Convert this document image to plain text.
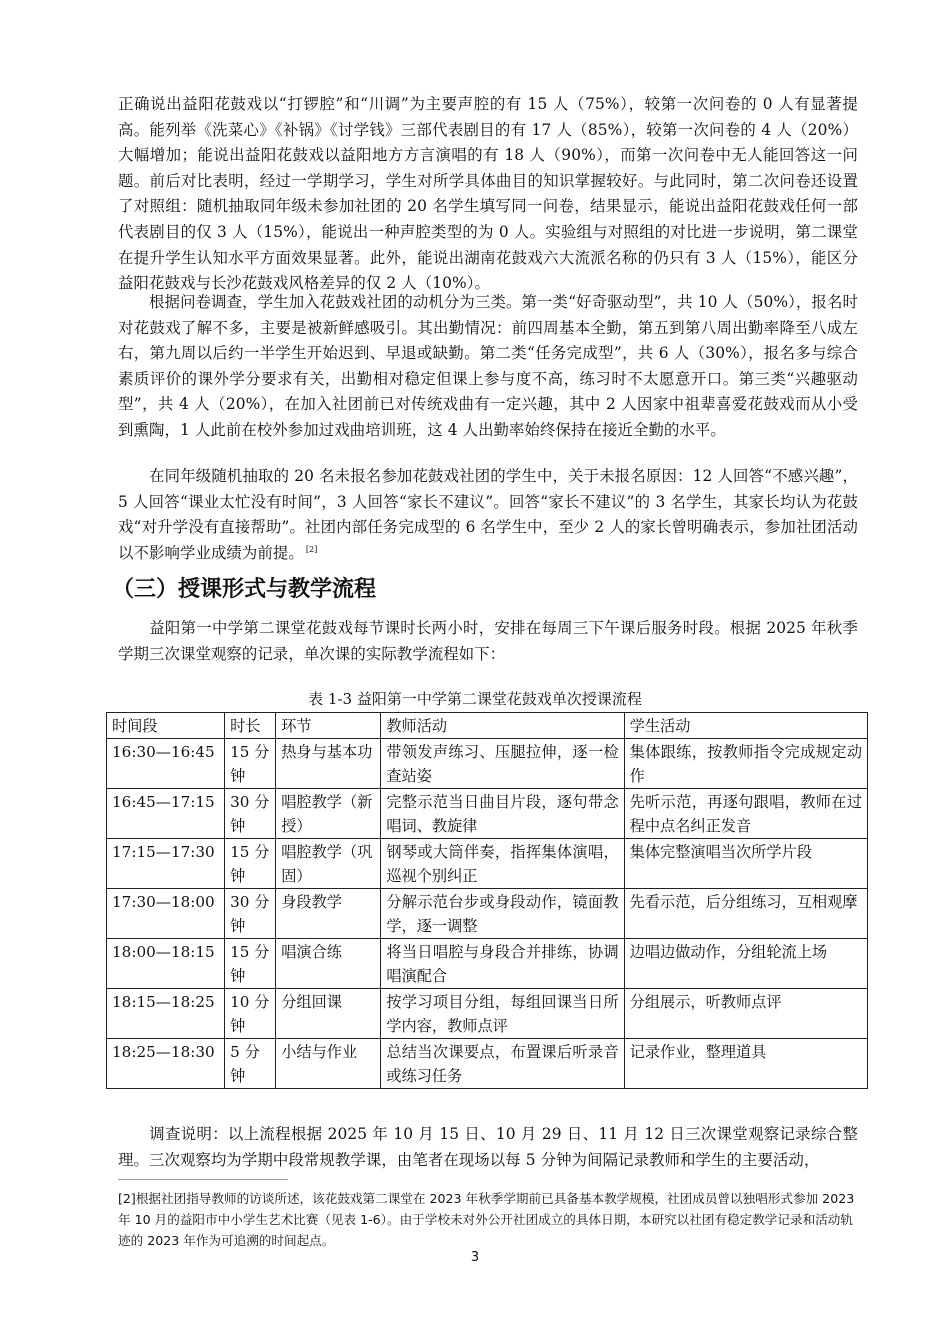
正确说出益阳花鼓戏以“打锣腔”和“川调”为主要声腔的有 15 人（75%），较第一次问卷的 0 人有显著提高。能列举《洗菜心》《补锅》《讨学钱》三部代表剧目的有 17 人（85%），较第一次问卷的 4 人（20%）大幅增加；能说出益阳花鼓戏以益阳地方方言演唱的有 18 人（90%），而第一次问卷中无人能回答这一问题。前后对比表明，经过一学期学习，学生对所学具体曲目的知识掌握较好。与此同时，第二次问卷还设置了对照组：随机抽取同年级未参加社团的 20 名学生填写同一问卷，结果显示，能说出益阳花鼓戏任何一部代表剧目的仅 3 人（15%），能说出一种声腔类型的为 0 人。实验组与对照组的对比进一步说明，第二课堂在提升学生认知水平方面效果显著。此外，能说出湖南花鼓戏六大流派名称的仍只有 3 人（15%），能区分益阳花鼓戏与长沙花鼓戏风格差异的仅 2 人（10%）。

根据问卷调查，学生加入花鼓戏社团的动机分为三类。第一类“好奇驱动型”，共 10 人（50%），报名时对花鼓戏了解不多，主要是被新鲜感吸引。其出勤情况：前四周基本全勤，第五到第八周出勤率降至八成左右，第九周以后约一半学生开始迟到、早退或缺勤。第二类“任务完成型”，共 6 人（30%），报名多与综合素质评价的课外学分要求有关，出勤相对稳定但课上参与度不高，练习时不太愿意开口。第三类“兴趣驱动型”，共 4 人（20%），在加入社团前已对传统戏曲有一定兴趣，其中 2 人因家中祖辈喜爱花鼓戏而从小受到熏陶，1 人此前在校外参加过戏曲培训班，这 4 人出勤率始终保持在接近全勤的水平。

在同年级随机抽取的 20 名未报名参加花鼓戏社团的学生中，关于未报名原因：12 人回答“不感兴趣”，5 人回答“课业太忙没有时间”，3 人回答“家长不建议”。回答“家长不建议”的 3 名学生，其家长均认为花鼓戏“对升学没有直接帮助”。社团内部任务完成型的 6 名学生中，至少 2 人的家长曾明确表示，参加社团活动以不影响学业成绩为前提。 [2]

（三）授课形式与教学流程

益阳第一中学第二课堂花鼓戏每节课时长两小时，安排在每周三下午课后服务时段。根据 2025 年秋季学期三次课堂观察的记录，单次课的实际教学流程如下：

表 1-3 益阳第一中学第二课堂花鼓戏单次授课流程

时间段	时长	环节	教师活动	学生活动
16:30—16:45	15 分钟	热身与基本功	带领发声练习、压腿拉伸，逐一检查站姿	集体跟练，按教师指令完成规定动作
16:45—17:15	30 分钟	唱腔教学（新授）	完整示范当日曲目片段，逐句带念唱词、教旋律	先听示范，再逐句跟唱，教师在过程中点名纠正发音
17:15—17:30	15 分钟	唱腔教学（巩固）	钢琴或大筒伴奏，指挥集体演唱，巡视个别纠正	集体完整演唱当次所学片段
17:30—18:00	30 分钟	身段教学	分解示范台步或身段动作，镜面教学，逐一调整	先看示范，后分组练习，互相观摩
18:00—18:15	15 分钟	唱演合练	将当日唱腔与身段合并排练，协调唱演配合	边唱边做动作，分组轮流上场
18:15—18:25	10 分钟	分组回课	按学习项目分组，每组回课当日所学内容，教师点评	分组展示，听教师点评
18:25—18:30	5 分钟	小结与作业	总结当次课要点，布置课后听录音或练习任务	记录作业，整理道具

调查说明：以上流程根据 2025 年 10 月 15 日、10 月 29 日、11 月 12 日三次课堂观察记录综合整理。三次观察均为学期中段常规教学课，由笔者在现场以每 5 分钟为间隔记录教师和学生的主要活动，

[2]根据社团指导教师的访谈所述，该花鼓戏第二课堂在 2023 年秋季学期前已具备基本教学规模，社团成员曾以独唱形式参加 2023 年 10 月的益阳市中小学生艺术比赛（见表 1-6）。由于学校未对外公开社团成立的具体日期，本研究以社团有稳定教学记录和活动轨迹的 2023 年作为可追溯的时间起点。

3
